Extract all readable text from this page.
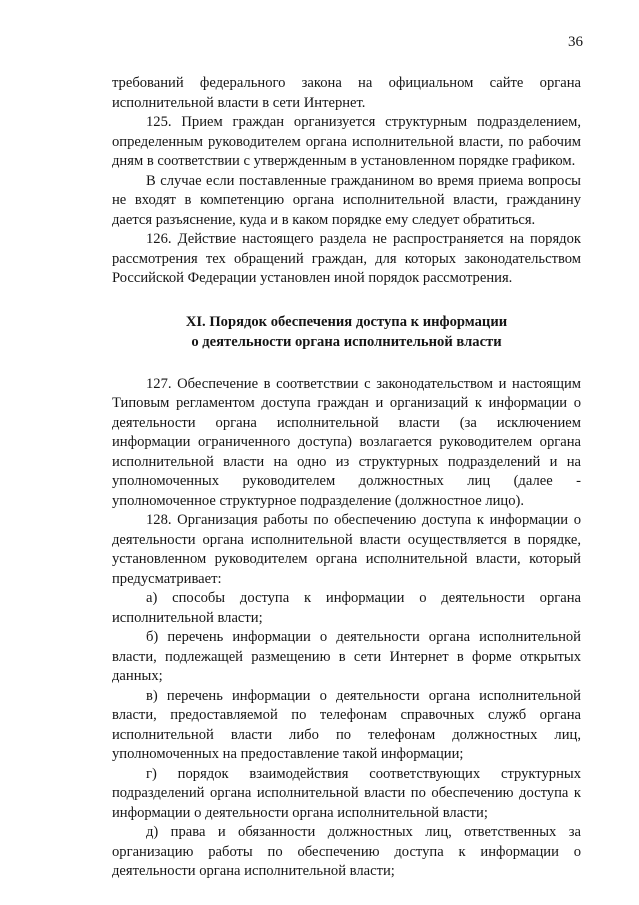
36

требований федерального закона на официальном сайте органа исполнительной власти в сети Интернет.

125. Прием граждан организуется структурным подразделением, определенным руководителем органа исполнительной власти, по рабочим дням в соответствии с утвержденным в установленном порядке графиком.

В случае если поставленные гражданином во время приема вопросы не входят в компетенцию органа исполнительной власти, гражданину дается разъяснение, куда и в каком порядке ему следует обратиться.

126. Действие настоящего раздела не распространяется на порядок рассмотрения тех обращений граждан, для которых законодательством Российской Федерации установлен иной порядок рассмотрения.

XI. Порядок обеспечения доступа к информации
о деятельности органа исполнительной власти

127. Обеспечение в соответствии с законодательством и настоящим Типовым регламентом доступа граждан и организаций к информации о деятельности органа исполнительной власти (за исключением информации ограниченного доступа) возлагается руководителем органа исполнительной власти на одно из структурных подразделений и на уполномоченных руководителем должностных лиц (далее - уполномоченное структурное подразделение (должностное лицо).

128. Организация работы по обеспечению доступа к информации о деятельности органа исполнительной власти осуществляется в порядке, установленном руководителем органа исполнительной власти, который предусматривает:

а) способы доступа к информации о деятельности органа исполнительной власти;

б) перечень информации о деятельности органа исполнительной власти, подлежащей размещению в сети Интернет в форме открытых данных;

в) перечень информации о деятельности органа исполнительной власти, предоставляемой по телефонам справочных служб органа исполнительной власти либо по телефонам должностных лиц, уполномоченных на предоставление такой информации;

г) порядок взаимодействия соответствующих структурных подразделений органа исполнительной власти по обеспечению доступа к информации о деятельности органа исполнительной власти;

д) права и обязанности должностных лиц, ответственных за организацию работы по обеспечению доступа к информации о деятельности органа исполнительной власти;
